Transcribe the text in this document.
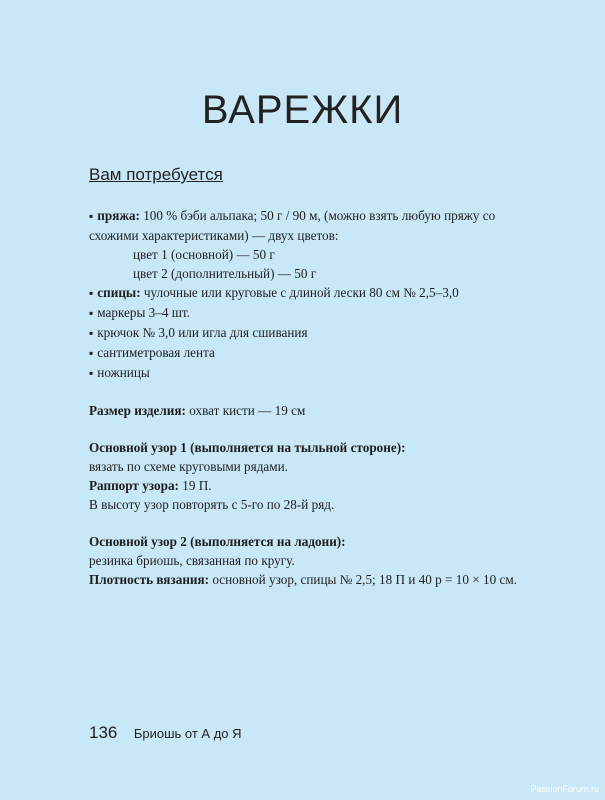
ВАРЕЖКИ
Вам потребуется

▪ пряжа: 100 % бэби альпака; 50 г / 90 м, (можно взять любую пряжу со

схожими характеристиками) — двух цветов:

цвет 1 (основной) — 50 г

цвет 2 (дополнительный) — 50 г

▪ спицы: чулочные или круговые с длиной лески 80 см № 2,5–3,0

▪ маркеры 3–4 шт.

▪ крючок № 3,0 или игла для сшивания

▪ сантиметровая лента

▪ ножницы

Размер изделия: охват кисти — 19 см

Основной узор 1 (выполняется на тыльной стороне):

вязать по схеме круговыми рядами.

Раппорт узора: 19 П.

В высоту узор повторять с 5-го по 28-й ряд.

Основной узор 2 (выполняется на ладони):

резинка бриошь, связанная по кругу.

Плотность вязания: основной узор, спицы № 2,5; 18 П и 40 р = 10 × 10 см.

136 Бриошь от А до Я
PassionForum.ru
